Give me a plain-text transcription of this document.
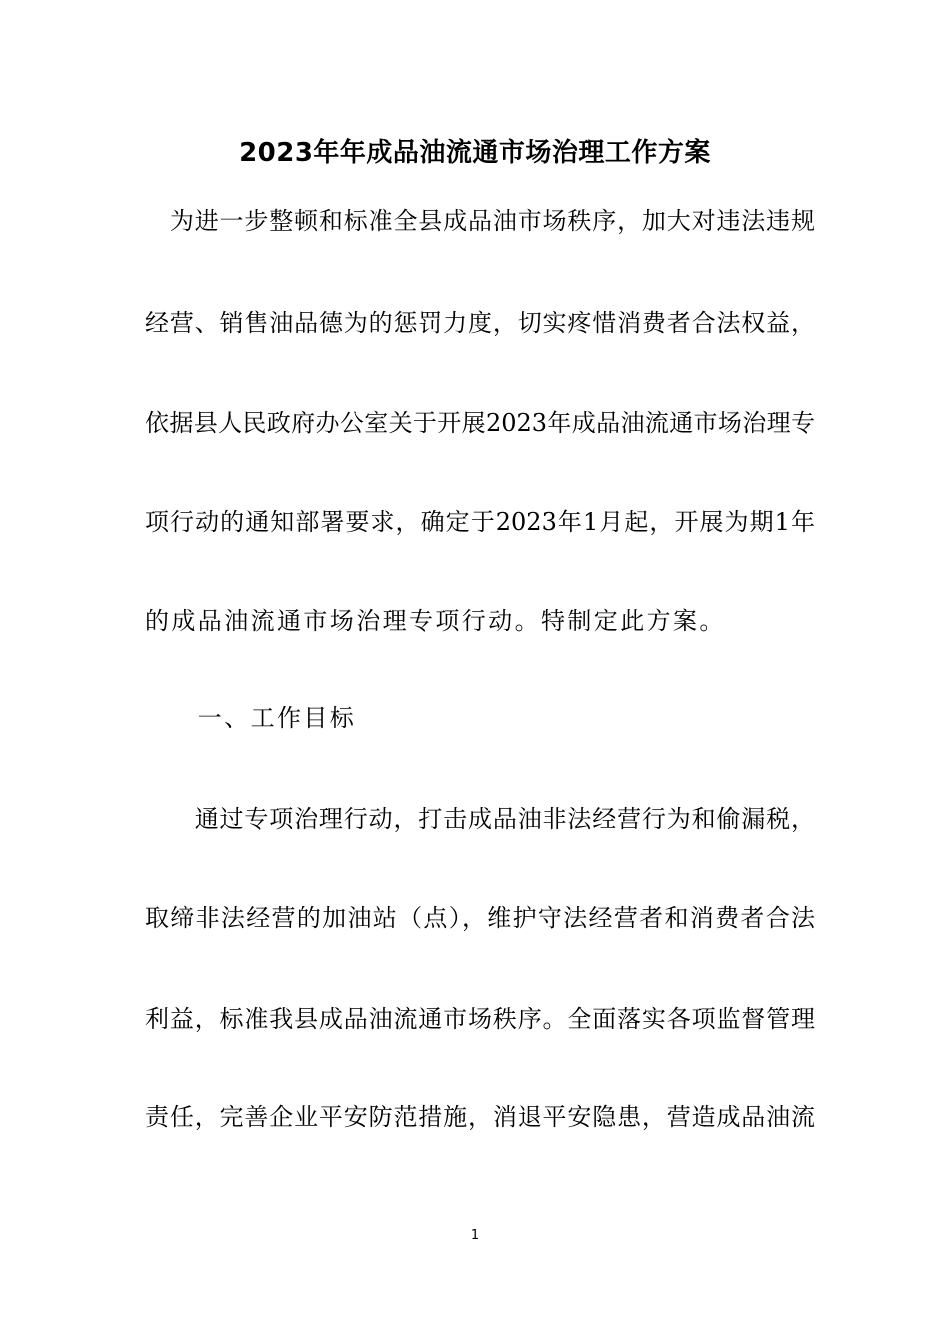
2023年年成品油流通市场治理工作方案
　为进一步整顿和标准全县成品油市场秩序，加大对违法违规
经营、销售油品德为的惩罚力度，切实疼惜消费者合法权益，
依据县人民政府办公室关于开展2023年成品油流通市场治理专
项行动的通知部署要求，确定于2023年1月起，开展为期1年
的成品油流通市场治理专项行动。特制定此方案。
　　一、工作目标
　　通过专项治理行动，打击成品油非法经营行为和偷漏税，
取缔非法经营的加油站（点），维护守法经营者和消费者合法
利益，标准我县成品油流通市场秩序。全面落实各项监督管理
责任，完善企业平安防范措施，消退平安隐患，营造成品油流
1
